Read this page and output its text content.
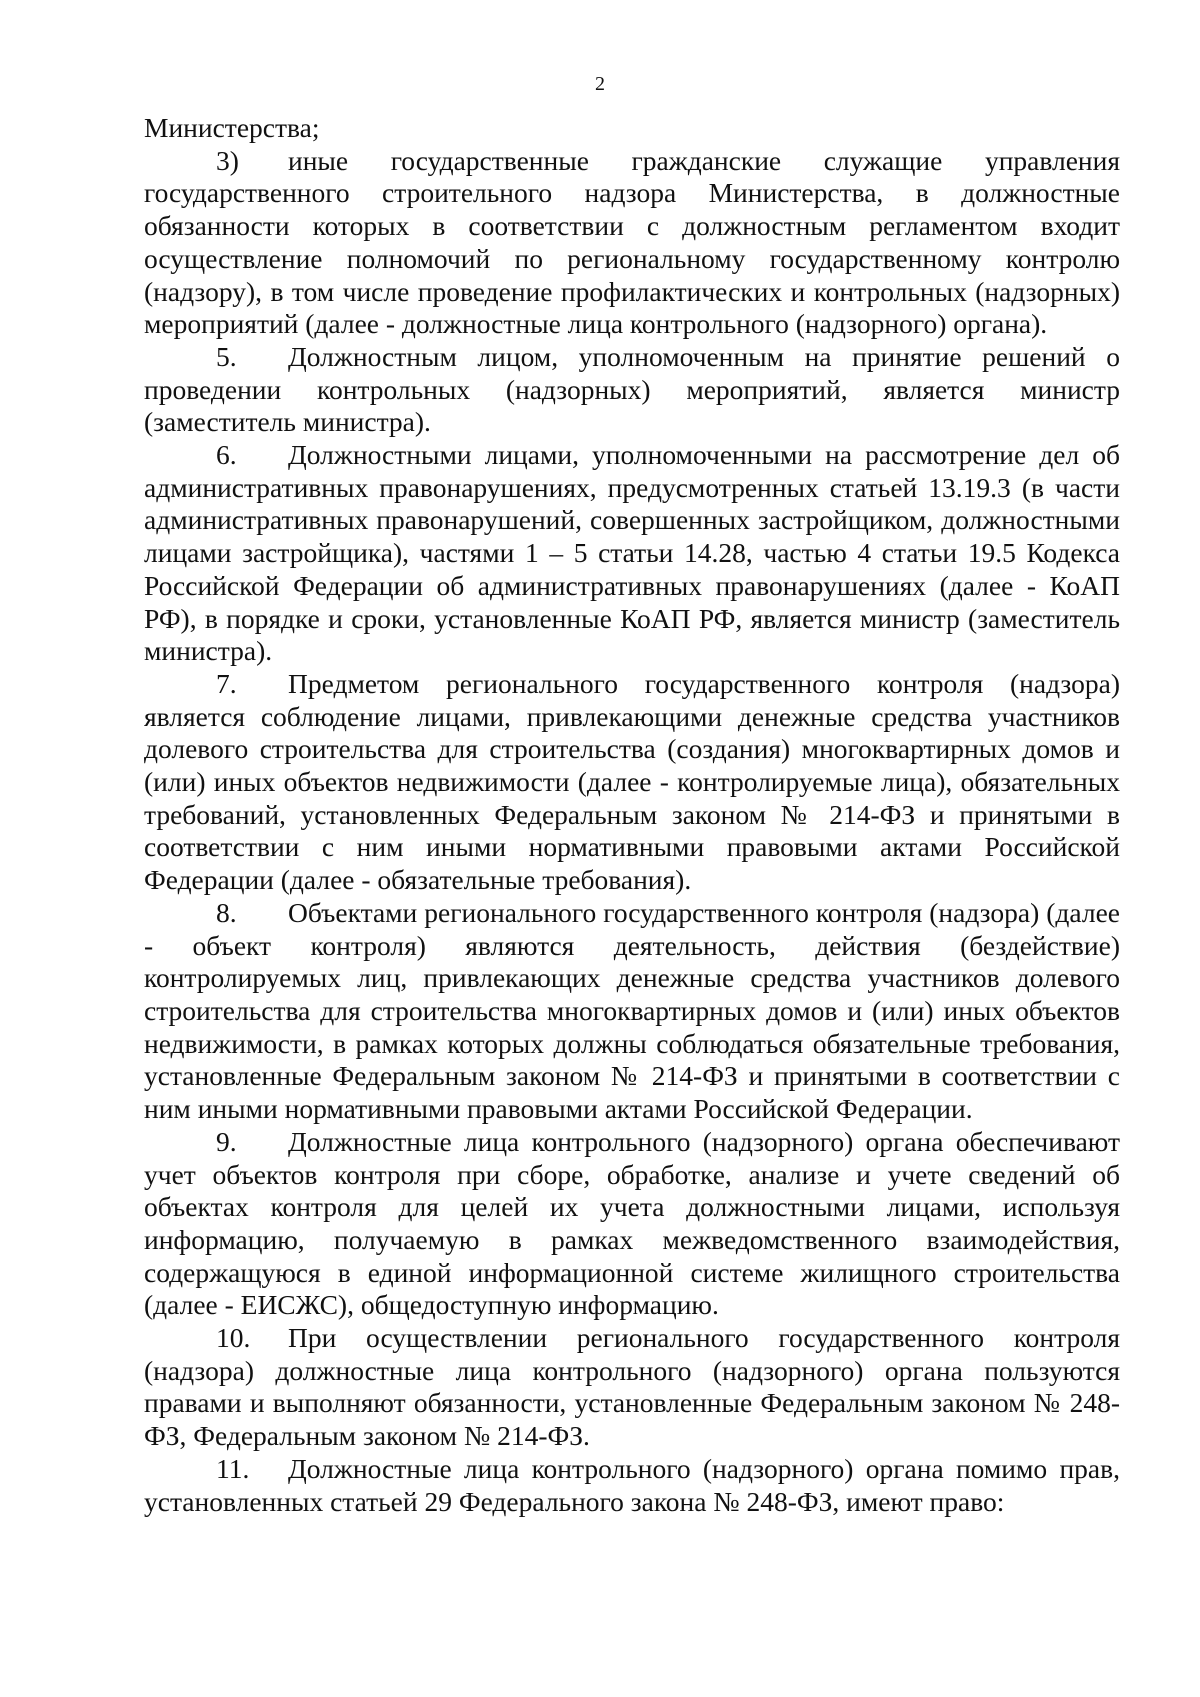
2

Министерства;

3) иные государственные гражданские служащие управления государственного строительного надзора Министерства, в должностные обязанности которых в соответствии с должностным регламентом входит осуществление полномочий по региональному государственному контролю (надзору), в том числе проведение профилактических и контрольных (надзорных) мероприятий (далее - должностные лица контрольного (надзорного) органа).

5. Должностным лицом, уполномоченным на принятие решений о проведении контрольных (надзорных) мероприятий, является министр (заместитель министра).

6. Должностными лицами, уполномоченными на рассмотрение дел об административных правонарушениях, предусмотренных статьей 13.19.3 (в части административных правонарушений, совершенных застройщиком, должностными лицами застройщика), частями 1 – 5 статьи 14.28, частью 4 статьи 19.5 Кодекса Российской Федерации об административных правонарушениях (далее - КоАП РФ), в порядке и сроки, установленные КоАП РФ, является министр (заместитель министра).

7. Предметом регионального государственного контроля (надзора) является соблюдение лицами, привлекающими денежные средства участников долевого строительства для строительства (создания) многоквартирных домов и (или) иных объектов недвижимости (далее - контролируемые лица), обязательных требований, установленных Федеральным законом № 214-ФЗ и принятыми в соответствии с ним иными нормативными правовыми актами Российской Федерации (далее - обязательные требования).

8. Объектами регионального государственного контроля (надзора) (далее - объект контроля) являются деятельность, действия (бездействие) контролируемых лиц, привлекающих денежные средства участников долевого строительства для строительства многоквартирных домов и (или) иных объектов недвижимости, в рамках которых должны соблюдаться обязательные требования, установленные Федеральным законом № 214-ФЗ и принятыми в соответствии с ним иными нормативными правовыми актами Российской Федерации.

9. Должностные лица контрольного (надзорного) органа обеспечивают учет объектов контроля при сборе, обработке, анализе и учете сведений об объектах контроля для целей их учета должностными лицами, используя информацию, получаемую в рамках межведомственного взаимодействия, содержащуюся в единой информационной системе жилищного строительства (далее - ЕИСЖС), общедоступную информацию.

10. При осуществлении регионального государственного контроля (надзора) должностные лица контрольного (надзорного) органа пользуются правами и выполняют обязанности, установленные Федеральным законом № 248-ФЗ, Федеральным законом № 214-ФЗ.

11. Должностные лица контрольного (надзорного) органа помимо прав, установленных статьей 29 Федерального закона № 248-ФЗ, имеют право:
